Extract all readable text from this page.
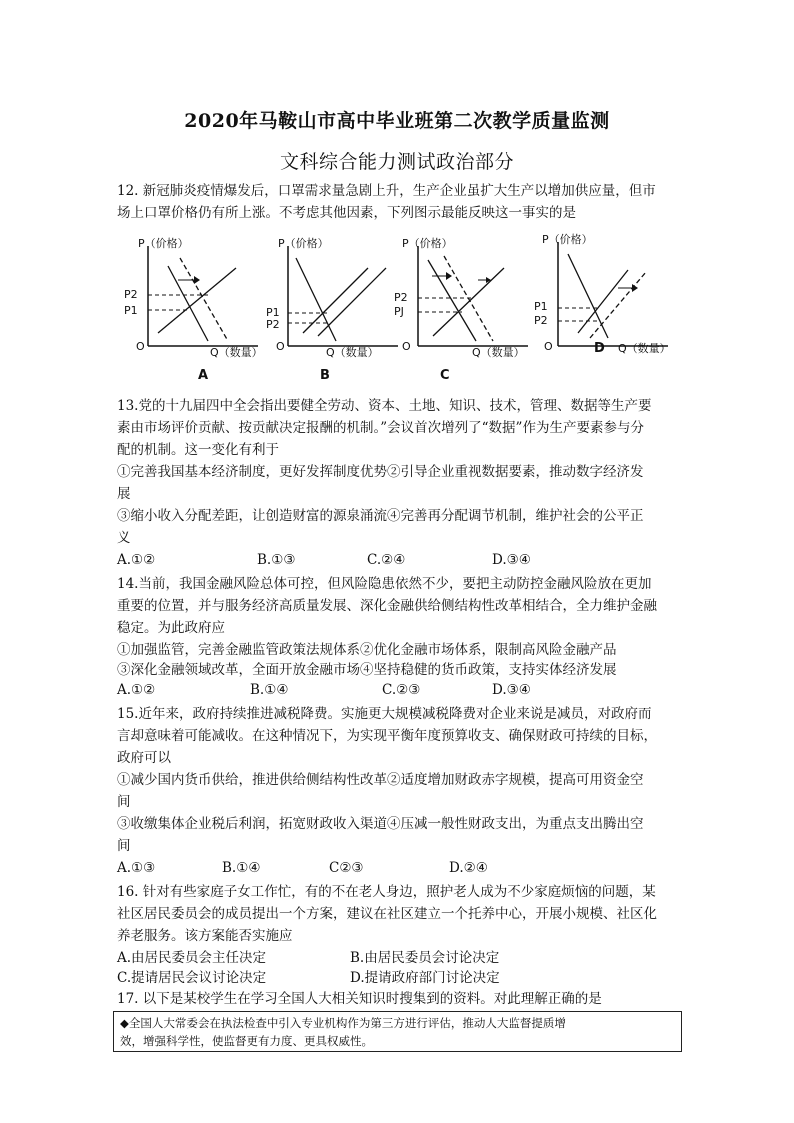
2020年马鞍山市高中毕业班第二次教学质量监测
文科综合能力测试政治部分
12. 新冠肺炎疫情爆发后，口罩需求量急剧上升，生产企业虽扩大生产以增加供应量，但市
场上口罩价格仍有所上涨。不考虑其他因素，下列图示最能反映这一事实的是
P（价格）
P2
P1
O	Q（数量）
A
P（价格）
P1
P2
O	Q（数量）
B
P（价格）
P2
PJ
O	Q（数量）
C
P（价格）
P1
P2
O	Q（数量）
D
13.党的十九届四中全会指出要健全劳动、资本、土地、知识、技术，管理、数据等生产要
素由市场评价贡献、按贡献决定报酬的机制。”会议首次增列了“数据”作为生产要素参与分
配的机制。这一变化有利于
①完善我国基本经济制度，更好发挥制度优势②引导企业重视数据要素，推动数字经济发
展
③缩小收入分配差距，让创造财富的源泉涌流④完善再分配调节机制，维护社会的公平正
义
A.①②	B.①③	C.②④	D.③④
14.当前，我国金融风险总体可控，但风险隐患依然不少，要把主动防控金融风险放在更加
重要的位置，并与服务经济高质量发展、深化金融供给侧结构性改革相结合，全力维护金融
稳定。为此政府应
①加强监管，完善金融监管政策法规体系②优化金融市场体系，限制高风险金融产品
③深化金融领域改革，全面开放金融市场④坚持稳健的货币政策，支持实体经济发展
A.①②	B.①④	C.②③	D.③④
15.近年来，政府持续推进减税降费。实施更大规模减税降费对企业来说是减员，对政府而
言却意味着可能减收。在这种情况下，为实现平衡年度预算收支、确保财政可持续的目标，
政府可以
①减少国内货币供给，推进供给侧结构性改革②适度增加财政赤字规模，提高可用资金空
间
③收缴集体企业税后利润，拓宽财政收入渠道④压减一般性财政支出，为重点支出腾出空
间
A.①③	B.①④	C②③	D.②④
16. 针对有些家庭子女工作忙，有的不在老人身边，照护老人成为不少家庭烦恼的问题，某
社区居民委员会的成员提出一个方案，建议在社区建立一个托养中心，开展小规模、社区化
养老服务。该方案能否实施应
A.由居民委员会主任决定	B.由居民委员会讨论决定
C.提请居民会议讨论决定	D.提请政府部门讨论决定
17. 以下是某校学生在学习全国人大相关知识时搜集到的资料。对此理解正确的是
◆全国人大常委会在执法检查中引入专业机构作为第三方进行评估，推动人大监督提质增
效，增强科学性，使监督更有力度、更具权威性。
